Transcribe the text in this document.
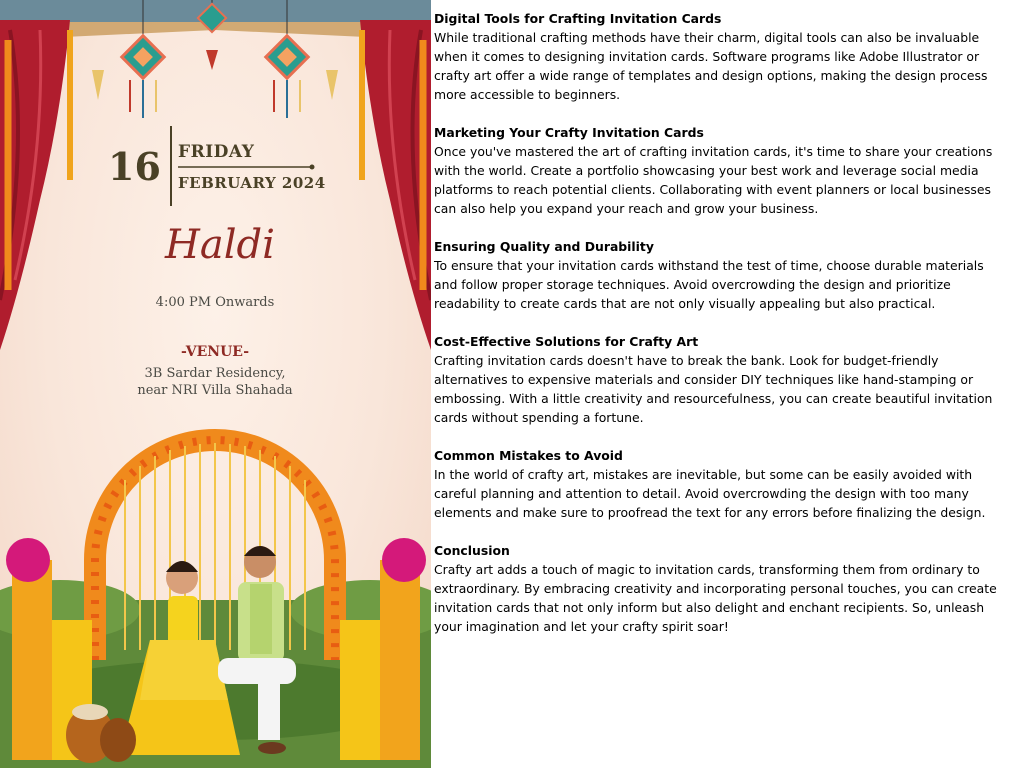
16 FRIDAY
FEBRUARY 2024
Haldi
4:00 PM Onwards
-VENUE-
3B Sardar Residency,
near NRI Villa Shahada
Digital Tools for Crafting Invitation Cards

While traditional crafting methods have their charm, digital tools can also be invaluable when it comes to designing invitation cards. Software programs like Adobe Illustrator or crafty art offer a wide range of templates and design options, making the design process more accessible to beginners.

Marketing Your Crafty Invitation Cards

Once you've mastered the art of crafting invitation cards, it's time to share your creations with the world. Create a portfolio showcasing your best work and leverage social media platforms to reach potential clients. Collaborating with event planners or local businesses can also help you expand your reach and grow your business.

Ensuring Quality and Durability

To ensure that your invitation cards withstand the test of time, choose durable materials and follow proper storage techniques. Avoid overcrowding the design and prioritize readability to create cards that are not only visually appealing but also practical.

Cost-Effective Solutions for Crafty Art

Crafting invitation cards doesn't have to break the bank. Look for budget-friendly alternatives to expensive materials and consider DIY techniques like hand-stamping or embossing. With a little creativity and resourcefulness, you can create beautiful invitation cards without spending a fortune.

Common Mistakes to Avoid

In the world of crafty art, mistakes are inevitable, but some can be easily avoided with careful planning and attention to detail. Avoid overcrowding the design with too many elements and make sure to proofread the text for any errors before finalizing the design.

Conclusion

Crafty art adds a touch of magic to invitation cards, transforming them from ordinary to extraordinary. By embracing creativity and incorporating personal touches, you can create invitation cards that not only inform but also delight and enchant recipients. So, unleash your imagination and let your crafty spirit soar!
